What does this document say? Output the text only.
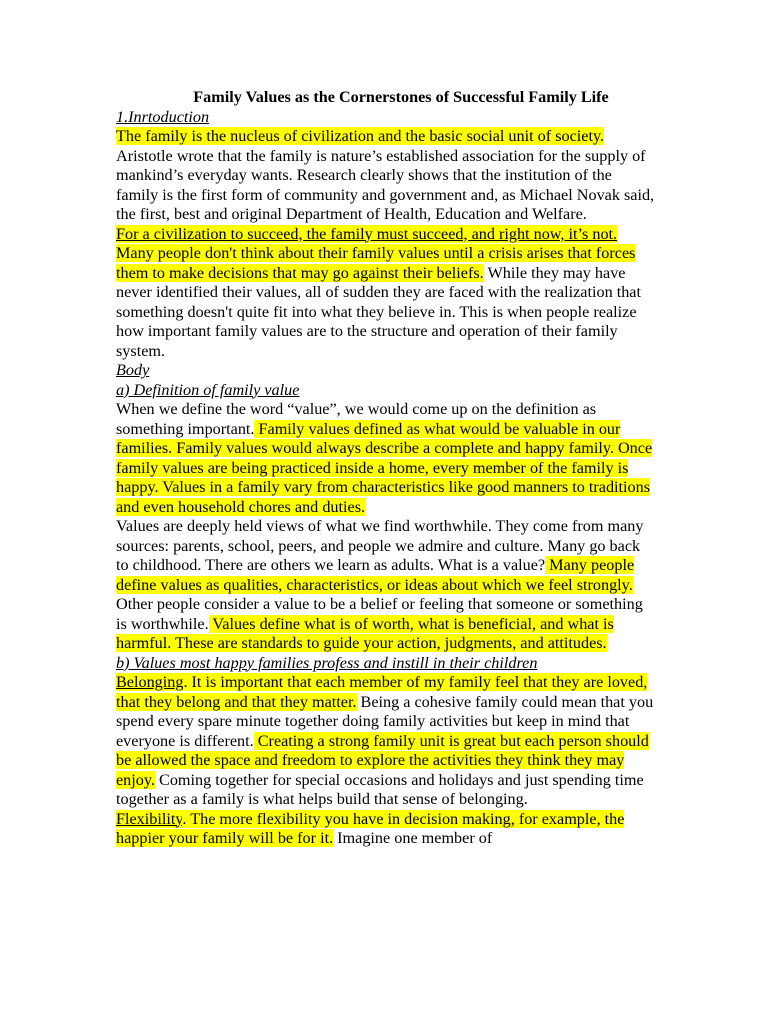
Family Values as the Cornerstones of Successful Family Life

1.Inrtoduction

The family is the nucleus of civilization and the basic social unit of society. Aristotle wrote that the family is nature’s established association for the supply of mankind’s everyday wants. Research clearly shows that the institution of the family is the first form of community and government and, as Michael Novak said, the first, best and original Department of Health, Education and Welfare.

For a civilization to succeed, the family must succeed, and right now, it’s not. Many people don't think about their family values until a crisis arises that forces them to make decisions that may go against their beliefs. While they may have never identified their values, all of sudden they are faced with the realization that something doesn't quite fit into what they believe in. This is when people realize how important family values are to the structure and operation of their family system.

Body

a) Definition of family value

When we define the word “value”, we would come up on the definition as something important. Family values defined as what would be valuable in our families. Family values would always describe a complete and happy family. Once family values are being practiced inside a home, every member of the family is happy. Values in a family vary from characteristics like good manners to traditions and even household chores and duties.

Values are deeply held views of what we find worthwhile. They come from many sources: parents, school, peers, and people we admire and culture. Many go back to childhood. There are others we learn as adults. What is a value? Many people define values as qualities, characteristics, or ideas about which we feel strongly. Other people consider a value to be a belief or feeling that someone or something is worthwhile. Values define what is of worth, what is beneficial, and what is harmful. These are standards to guide your action, judgments, and attitudes.

b) Values most happy families profess and instill in their children

Belonging. It is important that each member of my family feel that they are loved, that they belong and that they matter. Being a cohesive family could mean that you spend every spare minute together doing family activities but keep in mind that everyone is different. Creating a strong family unit is great but each person should be allowed the space and freedom to explore the activities they think they may enjoy. Coming together for special occasions and holidays and just spending time together as a family is what helps build that sense of belonging.

Flexibility. The more flexibility you have in decision making, for example, the happier your family will be for it. Imagine one member of
